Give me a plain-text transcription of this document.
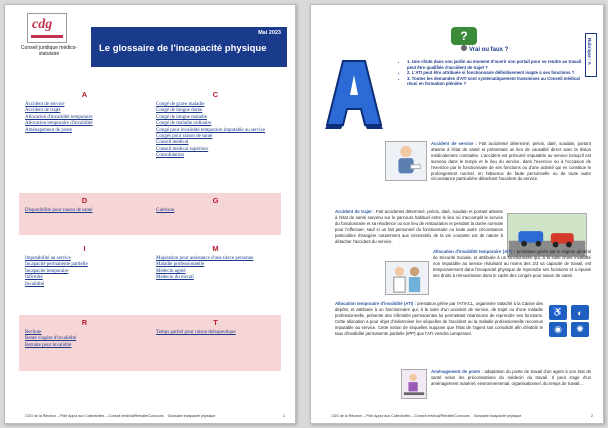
cdg
Conseil juridique médico-statutaire
Mai 2023
Le glossaire de l'incapacité physique
A
Accident de service
Accident de trajet
Allocation d'invalidité temporaire
Allocation temporaire d'invalidité
Aménagement de poste
C
Congé de grave maladie
Congé de longue durée
Congé de longue maladie
Congé de maladie ordinaire
Congé pour invalidité temporaire imputable au service
Congés pour raison de santé
Conseil médical
Conseil médical supérieur
Consolidation
D
Disponibilité pour raison de santé
G
Guérison
I
Imputabilité au service
Incapacité permanente partielle
Incapacité temporaire
Infirmité
Invalidité
M
Majoration pour assistance d'une tierce personne
Maladie professionnelle
Médecin agréé
Médecin du travail
R
Rechute
Rente viagère d'invalidité
Retraite pour invalidité
T
Temps partiel pour raison thérapeutique
CDG de la Réunion – Pôle Appui aux Collectivités – Conseil médical/Retraite/Concours Glossaire incapacité physique	1
?
Vrai ou faux ?	Rubrique : A
• 1. Une chute dans son jardin au moment d'ouvrir son portail pour se rendre au travail peut être qualifiée d'accident de trajet ?
• 2. L'ATI peut être attribuée si fonctionnaire définitivement inapte à ses fonctions ?
• 3. Toutes les demandes d'ATI sont systématiquement transmises au Conseil médical réuni en formation plénière ?
Accident de service : Fait accidentel déterminé, précis, daté, soudain, portant atteinte à l'état de santé et présentant un lien de causalité direct avec la lésion médicalement constatée. L'accident est présumé imputable au service lorsqu'il est survenu dans le temps et le lieu du service, dans l'exercice ou à l'occasion de l'exercice par le fonctionnaire de ses fonctions ou d'une activité qui en constitue le prolongement normal, en l'absence de faute personnelle ou de toute autre circonstance particulière détachant l'accident du service.
Accident de trajet : Fait accidentel déterminé, précis, daté, soudain et portant atteinte à l'état de santé survenu sur le parcours habituel entre le lieu où s'accomplit le service du fonctionnaire et sa résidence ou son lieu de restauration et pendant la durée normale pour l'effectuer, sauf si un fait personnel du fonctionnaire ou toute autre circonstance particulière étrangère notamment aux nécessités de la vie courante est de nature à détacher l'accident du service.
Allocation d'invalidité temporaire (AIT) : prestation gérée par le régime général de Sécurité Sociale, et attribuée à un fonctionnaire qui, à la suite d'une invalidité non imputable au service réduisant au moins des 2/3 sa capacité de travail, est temporairement dans l'incapacité physique de reprendre ses fonctions et a épuisé ses droits à rémunération dans le cadre des congés pour raison de santé.
Allocation temporaire d'invalidité (ATI) : prestation gérée par l'ATIACL, organisme rattaché à la Caisse des dépôts, et attribuée à un fonctionnaire qui, à la suite d'un accident de service, de trajet ou d'une maladie professionnelle, présente des infirmités permanentes lui permettant néanmoins de reprendre ses fonctions. Cette allocation a pour objet d'indemniser les séquelles de l'accident ou la maladie professionnelle reconnus imputable au service. Cette notion de séquelles suppose que l'état de l'agent soit consolidé afin d'établir le taux d'invalidité permanente partielle (IPP) que l'ATI viendra compenser.
♿	◐
◉	✺
Aménagement de poste : adaptation du poste de travail d'un agent à son état de santé selon les préconisations du médecin du travail. Il peut s'agir d'un aménagement matériel, environnemental, organisationnel, du temps de travail…
CDG de la Réunion – Pôle Appui aux Collectivités – Conseil médical/Retraite/Concours Glossaire incapacité physique	2
